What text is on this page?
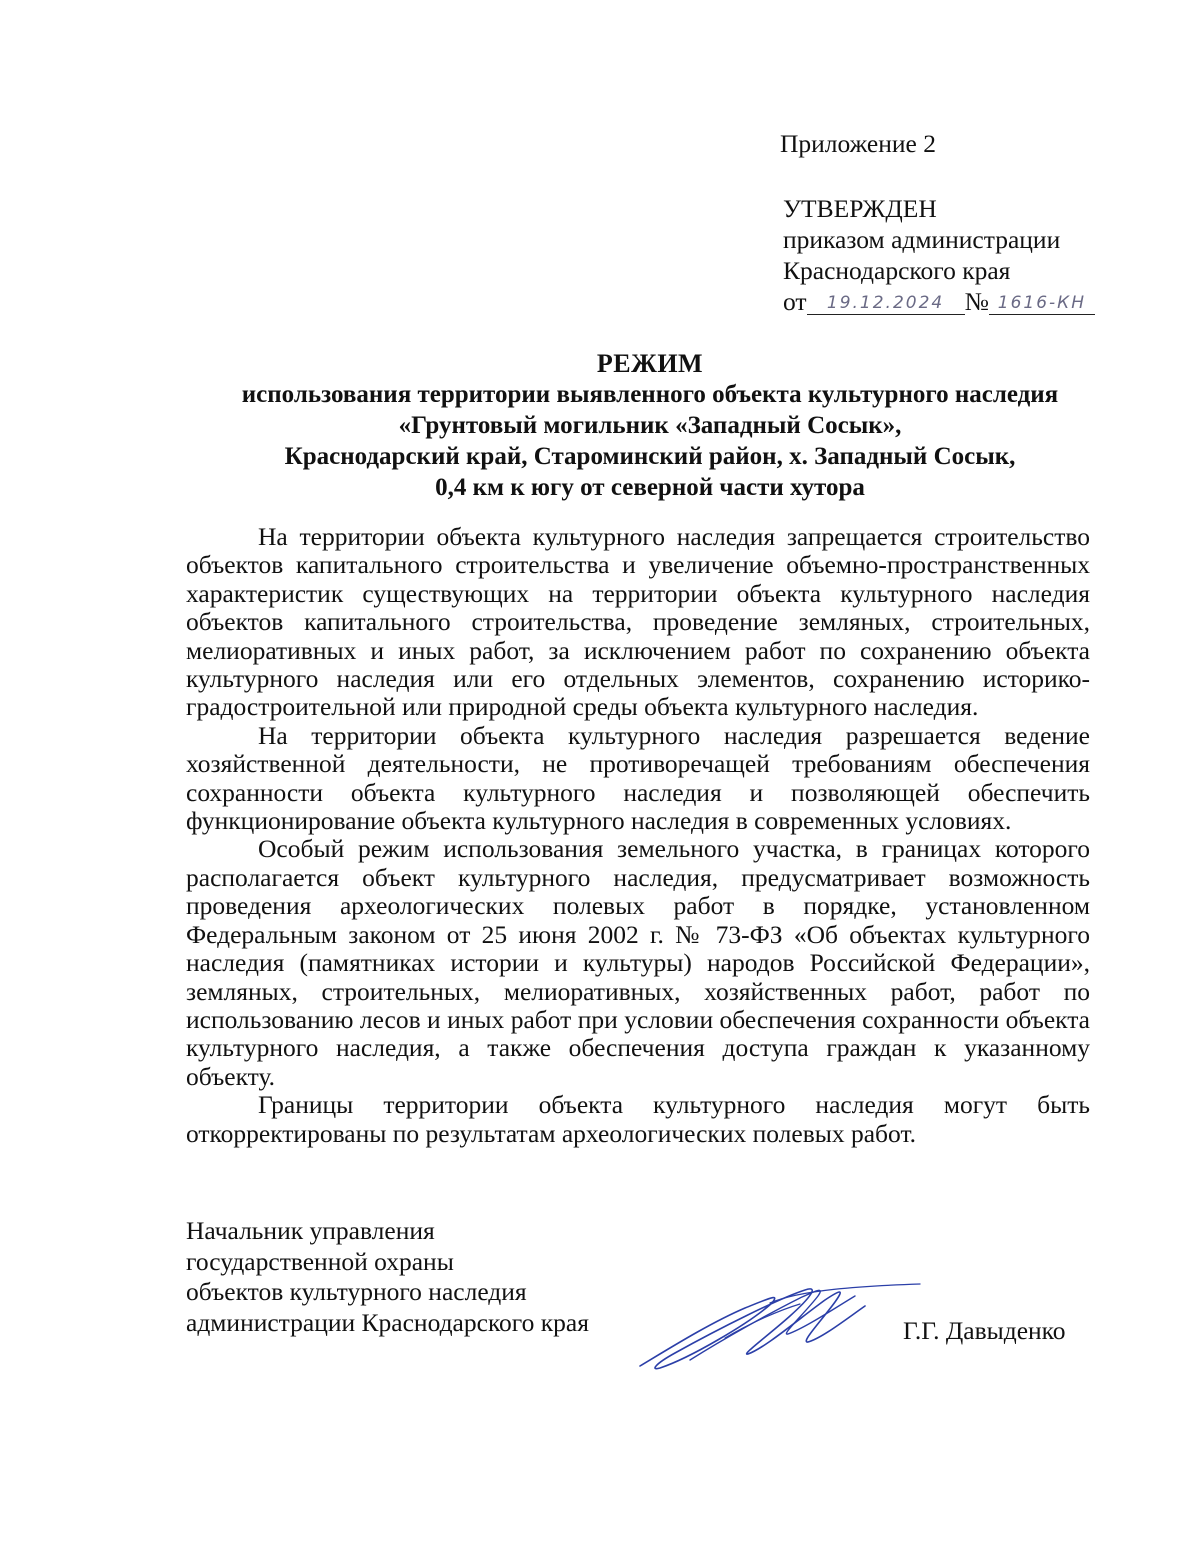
Приложение 2
УТВЕРЖДЕН
приказом администрации
Краснодарского края
от 19.12.2024 № 1616-КН
РЕЖИМ
использования территории выявленного объекта культурного наследия
«Грунтовый могильник «Западный Сосык»,
Краснодарский край, Староминский район, х. Западный Сосык,
0,4 км к югу от северной части хутора

На территории объекта культурного наследия запрещается строительство объектов капитального строительства и увеличение объемно-пространственных характеристик существующих на территории объекта культурного наследия объектов капитального строительства, проведение земляных, строительных, мелиоративных и иных работ, за исключением работ по сохранению объекта культурного наследия или его отдельных элементов, сохранению историко-градостроительной или природной среды объекта культурного наследия.

На территории объекта культурного наследия разрешается ведение хозяйственной деятельности, не противоречащей требованиям обеспечения сохранности объекта культурного наследия и позволяющей обеспечить функционирование объекта культурного наследия в современных условиях.

Особый режим использования земельного участка, в границах которого располагается объект культурного наследия, предусматривает возможность проведения археологических полевых работ в порядке, установленном Федеральным законом от 25 июня 2002 г. № 73-ФЗ «Об объектах культурного наследия (памятниках истории и культуры) народов Российской Федерации», земляных, строительных, мелиоративных, хозяйственных работ, работ по использованию лесов и иных работ при условии обеспечения сохранности объекта культурного наследия, а также обеспечения доступа граждан к указанному объекту.

Границы территории объекта культурного наследия могут быть откорректированы по результатам археологических полевых работ.

Начальник управления
государственной охраны
объектов культурного наследия
администрации Краснодарского края	Г.Г. Давыденко
